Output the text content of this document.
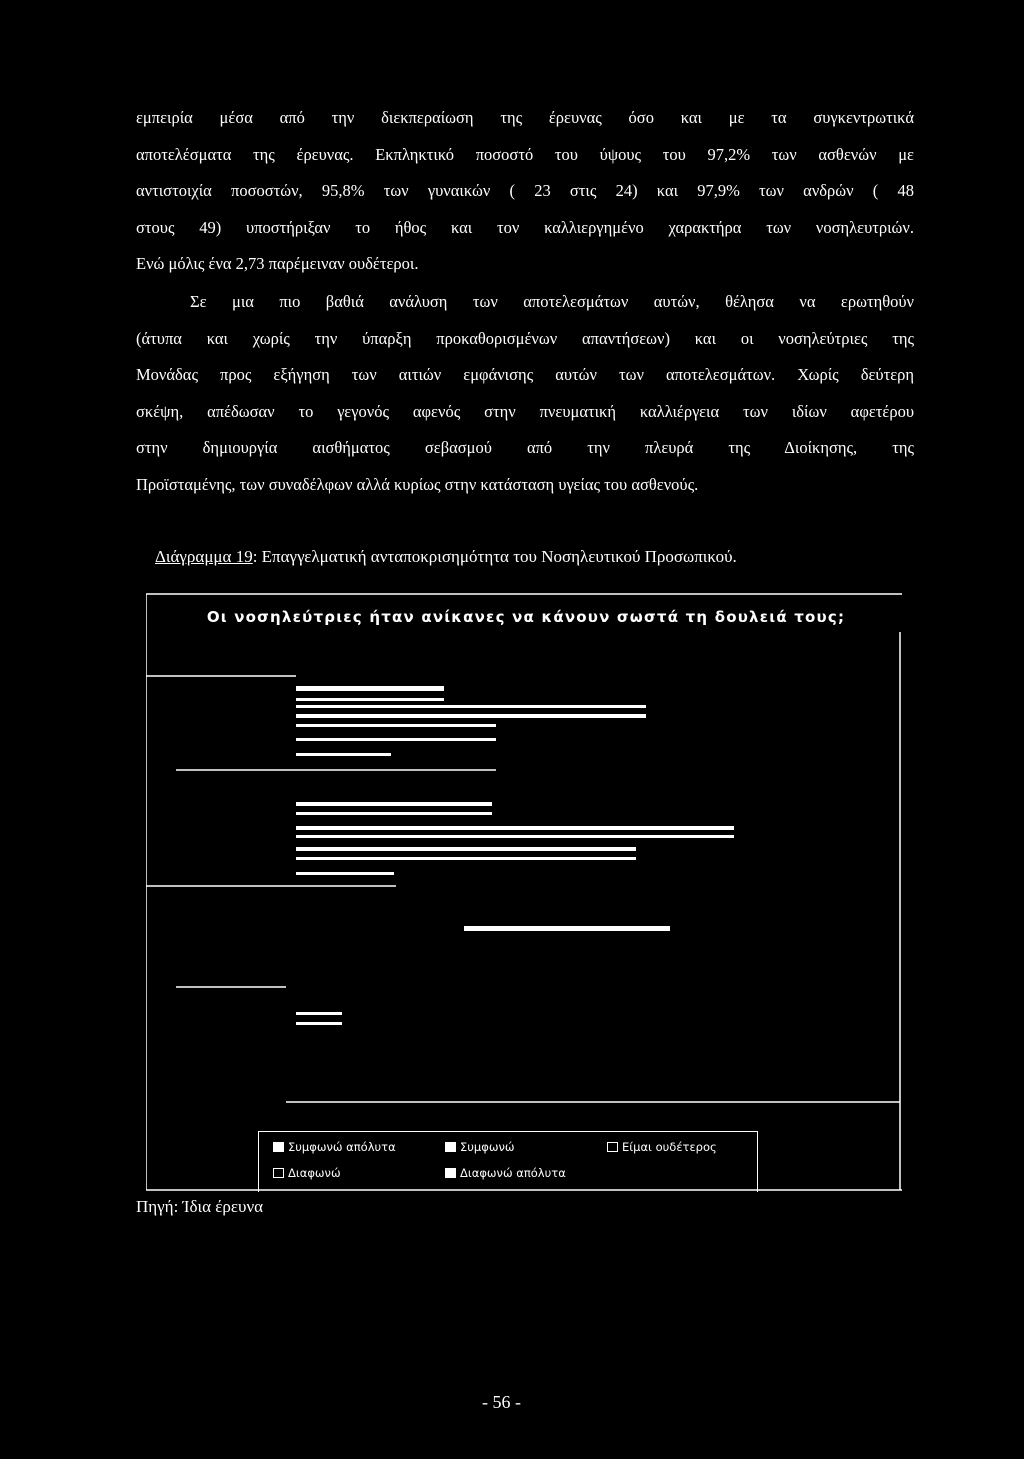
εμπειρία μέσα από την διεκπεραίωση της έρευνας όσο και με τα συγκεντρωτικά
αποτελέσματα της έρευνας. Εκπληκτικό ποσοστό του ύψους του 97,2% των ασθενών με
αντιστοιχία ποσοστών, 95,8% των γυναικών ( 23 στις 24) και 97,9% των ανδρών ( 48
στους 49) υποστήριξαν το ήθος και τον καλλιεργημένο χαρακτήρα των νοσηλευτριών.
Ενώ μόλις ένα 2,73 παρέμειναν ουδέτεροι.
Σε μια πιο βαθιά ανάλυση των αποτελεσμάτων αυτών, θέλησα να ερωτηθούν
(άτυπα και χωρίς την ύπαρξη προκαθορισμένων απαντήσεων) και οι νοσηλεύτριες της
Μονάδας προς εξήγηση των αιτιών εμφάνισης αυτών των αποτελεσμάτων. Χωρίς δεύτερη
σκέψη, απέδωσαν το γεγονός αφενός στην πνευματική καλλιέργεια των ιδίων αφετέρου
στην δημιουργία αισθήματος σεβασμού από την πλευρά της Διοίκησης, της
Προϊσταμένης, των συναδέλφων αλλά κυρίως στην κατάσταση υγείας του ασθενούς.
Διάγραμμα 19: Επαγγελματική ανταποκρισημότητα του Νοσηλευτικού Προσωπικού.
Οι νοσηλεύτριες ήταν ανίκανες να κάνουν σωστά τη δουλειά τους;
Συμφωνώ απόλυτα	Συμφωνώ	Είμαι ουδέτερος
Διαφωνώ	Διαφωνώ απόλυτα
Πηγή: Ίδια έρευνα
- 56 -
